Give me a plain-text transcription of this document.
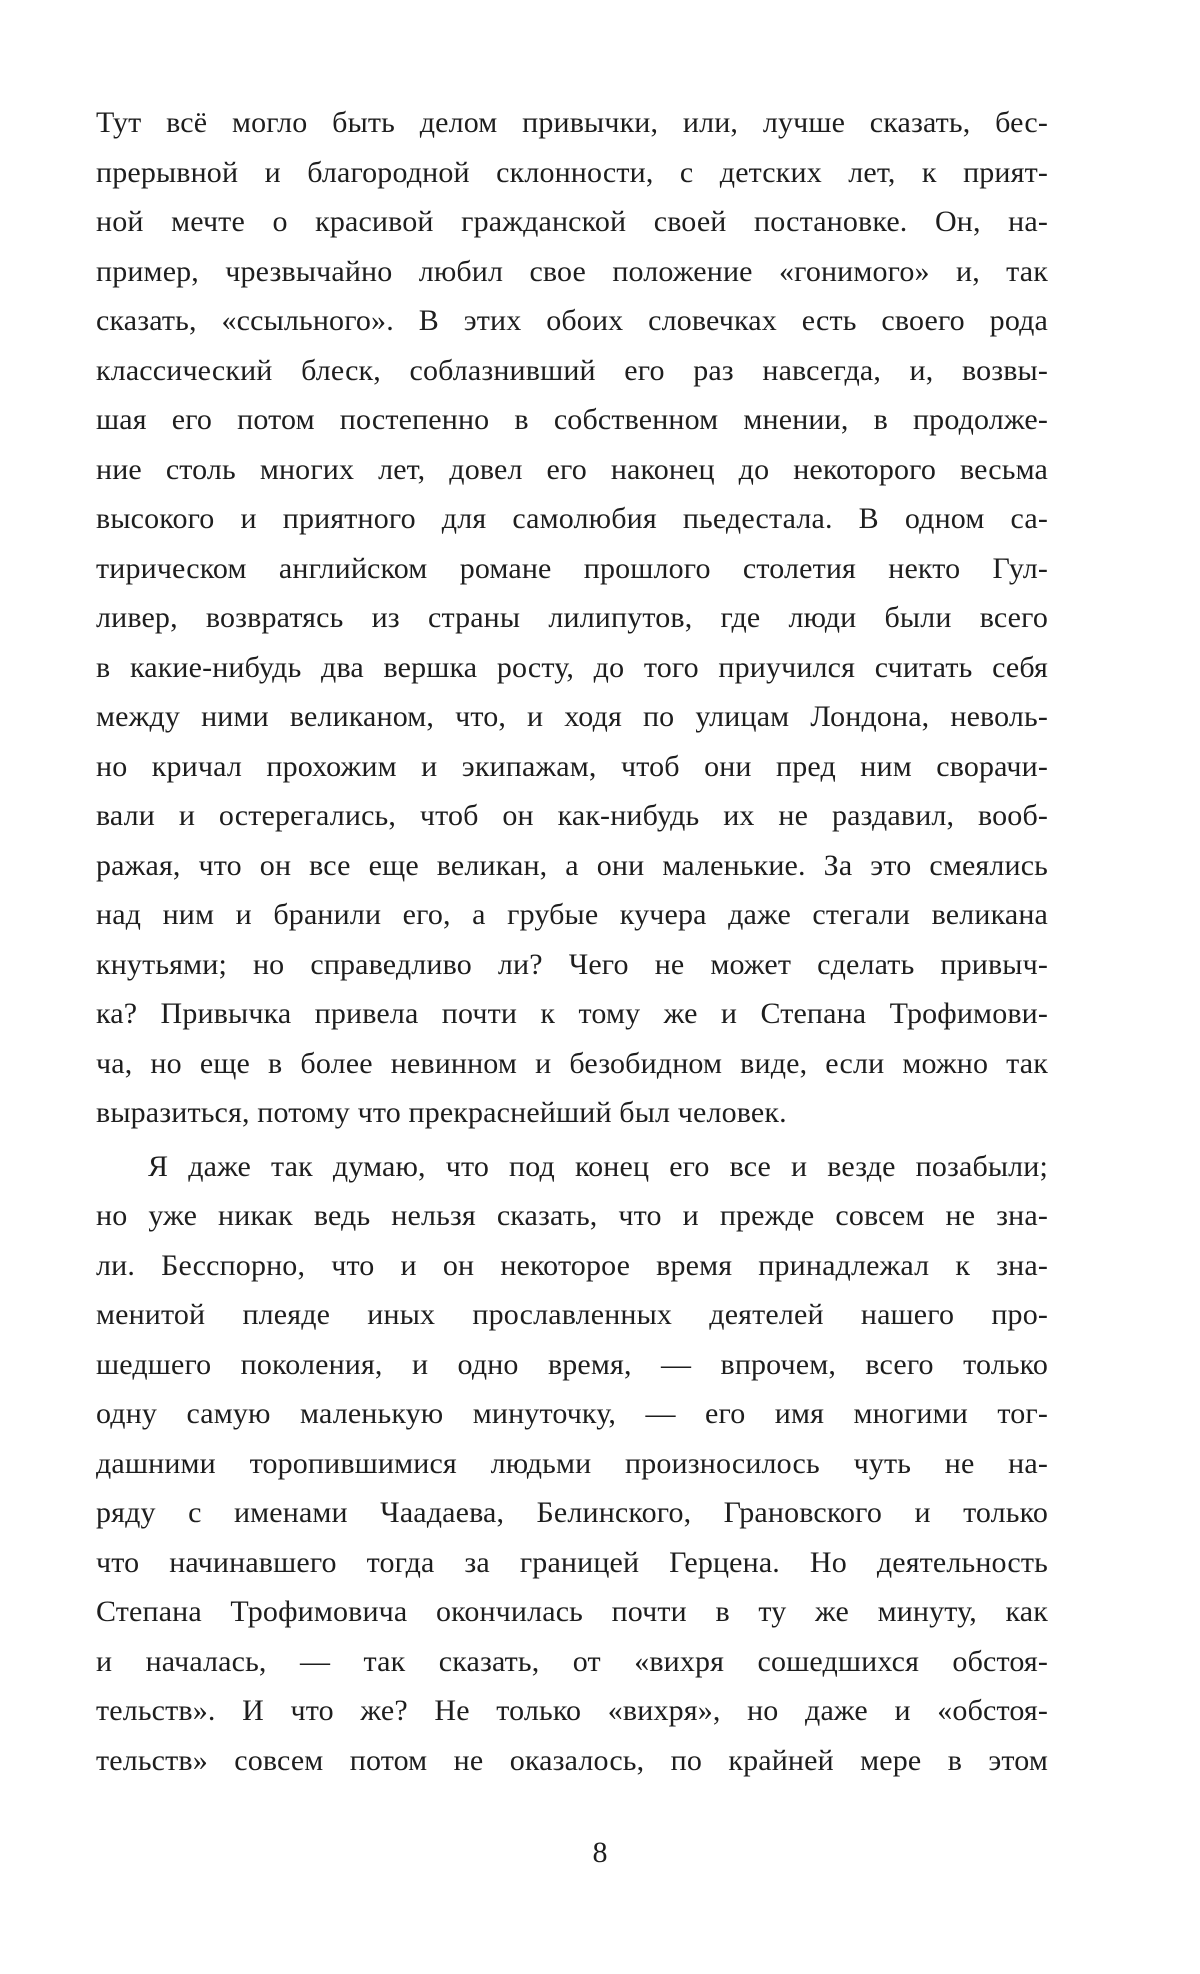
Тут всё могло быть делом привычки, или, лучше сказать, бес-
прерывной и благородной склонности, с детских лет, к прият-
ной мечте о красивой гражданской своей постановке. Он, на-
пример, чрезвычайно любил свое положение «гонимого» и, так
сказать, «ссыльного». В этих обоих словечках есть своего рода
классический блеск, соблазнивший его раз навсегда, и, возвы-
шая его потом постепенно в собственном мнении, в продолже-
ние столь многих лет, довел его наконец до некоторого весьма
высокого и приятного для самолюбия пьедестала. В одном са-
тирическом английском романе прошлого столетия некто Гул-
ливер, возвратясь из страны лилипутов, где люди были всего
в какие-нибудь два вершка росту, до того приучился считать себя
между ними великаном, что, и ходя по улицам Лондона, неволь-
но кричал прохожим и экипажам, чтоб они пред ним сворачи-
вали и остерегались, чтоб он как-нибудь их не раздавил, вооб-
ражая, что он все еще великан, а они маленькие. За это смеялись
над ним и бранили его, а грубые кучера даже стегали великана
кнутьями; но справедливо ли? Чего не может сделать привыч-
ка? Привычка привела почти к тому же и Степана Трофимови-
ча, но еще в более невинном и безобидном виде, если можно так
выразиться, потому что прекраснейший был человек.
Я даже так думаю, что под конец его все и везде позабыли;
но уже никак ведь нельзя сказать, что и прежде совсем не зна-
ли. Бесспорно, что и он некоторое время принадлежал к зна-
менитой плеяде иных прославленных деятелей нашего про-
шедшего поколения, и одно время, — впрочем, всего только
одну самую маленькую минуточку, — его имя многими тог-
дашними торопившимися людьми произносилось чуть не на-
ряду с именами Чаадаева, Белинского, Грановского и только
что начинавшего тогда за границей Герцена. Но деятельность
Степана Трофимовича окончилась почти в ту же минуту, как
и началась, — так сказать, от «вихря сошедшихся обстоя-
тельств». И что же? Не только «вихря», но даже и «обстоя-
тельств» совсем потом не оказалось, по крайней мере в этом
8
